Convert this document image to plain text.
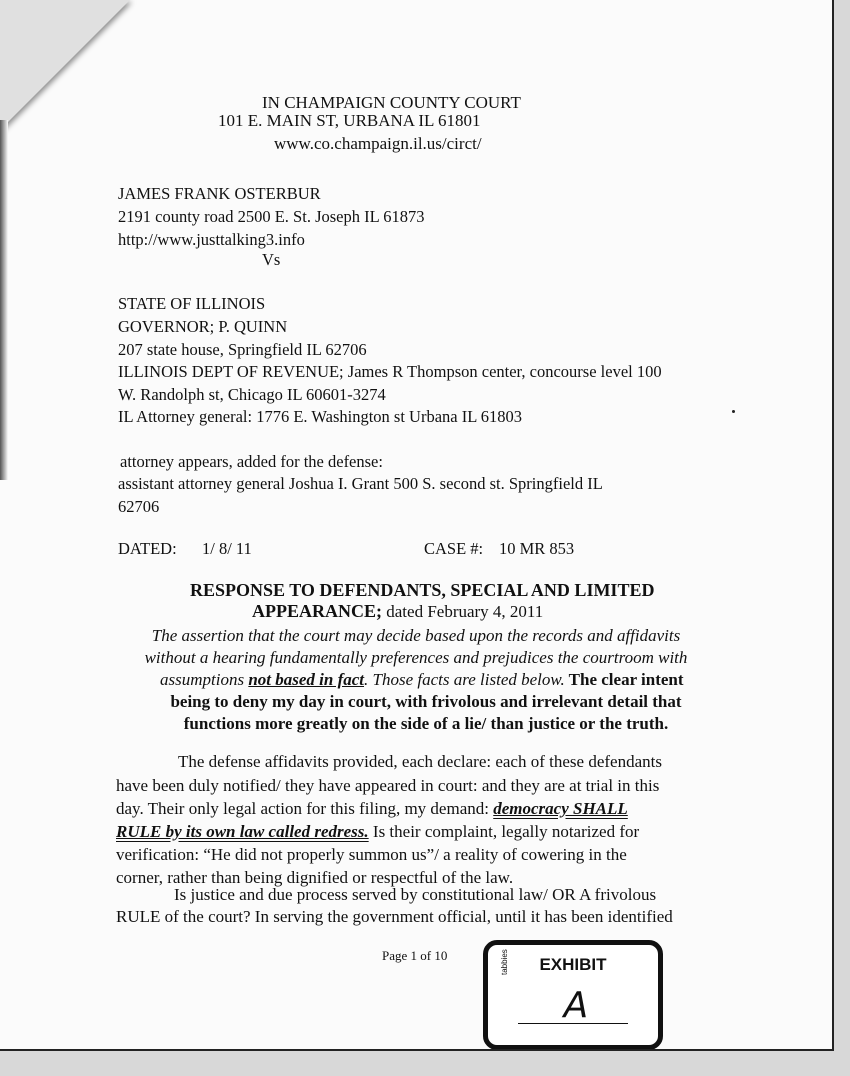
IN CHAMPAIGN COUNTY COURT
101 E. MAIN ST, URBANA IL 61801
www.co.champaign.il.us/circt/
JAMES FRANK OSTERBUR
2191 county road 2500 E. St. Joseph IL 61873
http://www.justtalking3.info
Vs
STATE OF ILLINOIS
GOVERNOR; P. QUINN
207 state house, Springfield IL 62706
ILLINOIS DEPT OF REVENUE; James R Thompson center, concourse level 100
W. Randolph st, Chicago IL 60601-3274
IL Attorney general: 1776 E. Washington st Urbana IL 61803
attorney appears, added for the defense:
assistant attorney general Joshua I. Grant 500 S. second st. Springfield IL
62706
DATED: 1/ 8/ 11	CASE #: 10 MR 853
RESPONSE TO DEFENDANTS, SPECIAL AND LIMITED
APPEARANCE; dated February 4, 2011
The assertion that the court may decide based upon the records and affidavits
without a hearing fundamentally preferences and prejudices the courtroom with
assumptions not based in fact. Those facts are listed below. The clear intent
being to deny my day in court, with frivolous and irrelevant detail that
functions more greatly on the side of a lie/ than justice or the truth.
The defense affidavits provided, each declare: each of these defendants
have been duly notified/ they have appeared in court: and they are at trial in this
day. Their only legal action for this filing, my demand: democracy SHALL
RULE by its own law called redress. Is their complaint, legally notarized for
verification: “He did not properly summon us”/ a reality of cowering in the
corner, rather than being dignified or respectful of the law.
Is justice and due process served by constitutional law/ OR A frivolous
RULE of the court? In serving the government official, until it has been identified
Page 1 of 10	tabbies	EXHIBIT
A
